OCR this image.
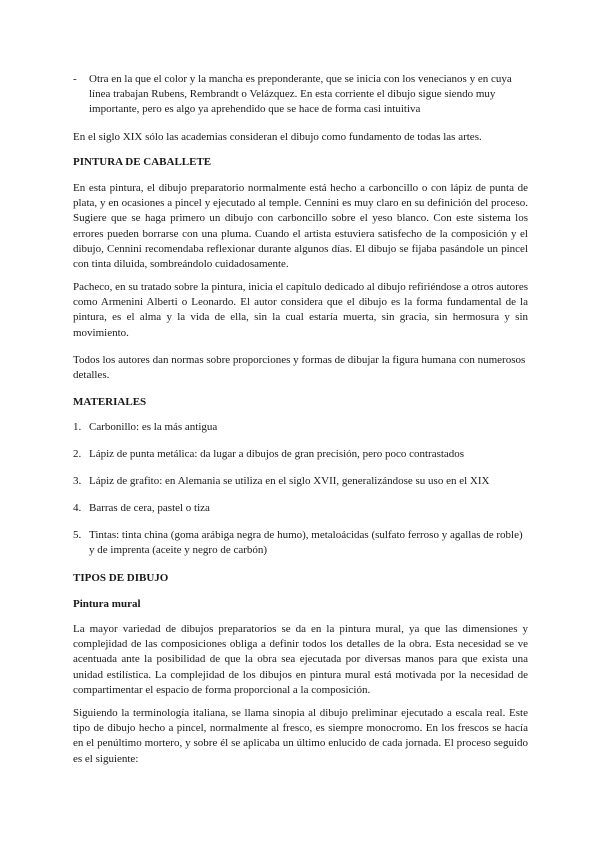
- Otra en la que el color y la mancha es preponderante, que se inicia con los venecianos y en cuya línea trabajan Rubens, Rembrandt o Velázquez. En esta corriente el dibujo sigue siendo muy importante, pero es algo ya aprehendido que se hace de forma casi intuitiva

En el siglo XIX sólo las academias consideran el dibujo como fundamento de todas las artes.

PINTURA DE CABALLETE

En esta pintura, el dibujo preparatorio normalmente está hecho a carboncillo o con lápiz de punta de plata, y en ocasiones a pincel y ejecutado al temple. Cennini es muy claro en su definición del proceso. Sugiere que se haga primero un dibujo con carboncillo sobre el yeso blanco. Con este sistema los errores pueden borrarse con una pluma. Cuando el artista estuviera satisfecho de la composición y el dibujo, Cennini recomendaba reflexionar durante algunos días. El dibujo se fijaba pasándole un pincel con tinta diluida, sombreándolo cuidadosamente.

Pacheco, en su tratado sobre la pintura, inicia el capítulo dedicado al dibujo refiriéndose a otros autores como Armenini Alberti o Leonardo. El autor considera que el dibujo es la forma fundamental de la pintura, es el alma y la vida de ella, sin la cual estaría muerta, sin gracia, sin hermosura y sin movimiento.

Todos los autores dan normas sobre proporciones y formas de dibujar la figura humana con numerosos detalles.

MATERIALES
1. Carbonillo: es la más antigua

2. Lápiz de punta metálica: da lugar a dibujos de gran precisión, pero poco contrastados

3. Lápiz de grafito: en Alemania se utiliza en el siglo XVII, generalizándose su uso en el XIX

4. Barras de cera, pastel o tiza

5. Tintas: tinta china (goma arábiga negra de humo), metaloácidas (sulfato ferroso y agallas de roble) y de imprenta (aceite y negro de carbón)

TIPOS DE DIBUJO
Pintura mural

La mayor variedad de dibujos preparatorios se da en la pintura mural, ya que las dimensiones y complejidad de las composiciones obliga a definir todos los detalles de la obra. Esta necesidad se ve acentuada ante la posibilidad de que la obra sea ejecutada por diversas manos para que exista una unidad estilística. La complejidad de los dibujos en pintura mural está motivada por la necesidad de compartimentar el espacio de forma proporcional a la composición.

Siguiendo la terminología italiana, se llama sinopia al dibujo preliminar ejecutado a escala real. Este tipo de dibujo hecho a pincel, normalmente al fresco, es siempre monocromo. En los frescos se hacía en el penúltimo mortero, y sobre él se aplicaba un último enlucido de cada jornada. El proceso seguido es el siguiente:
